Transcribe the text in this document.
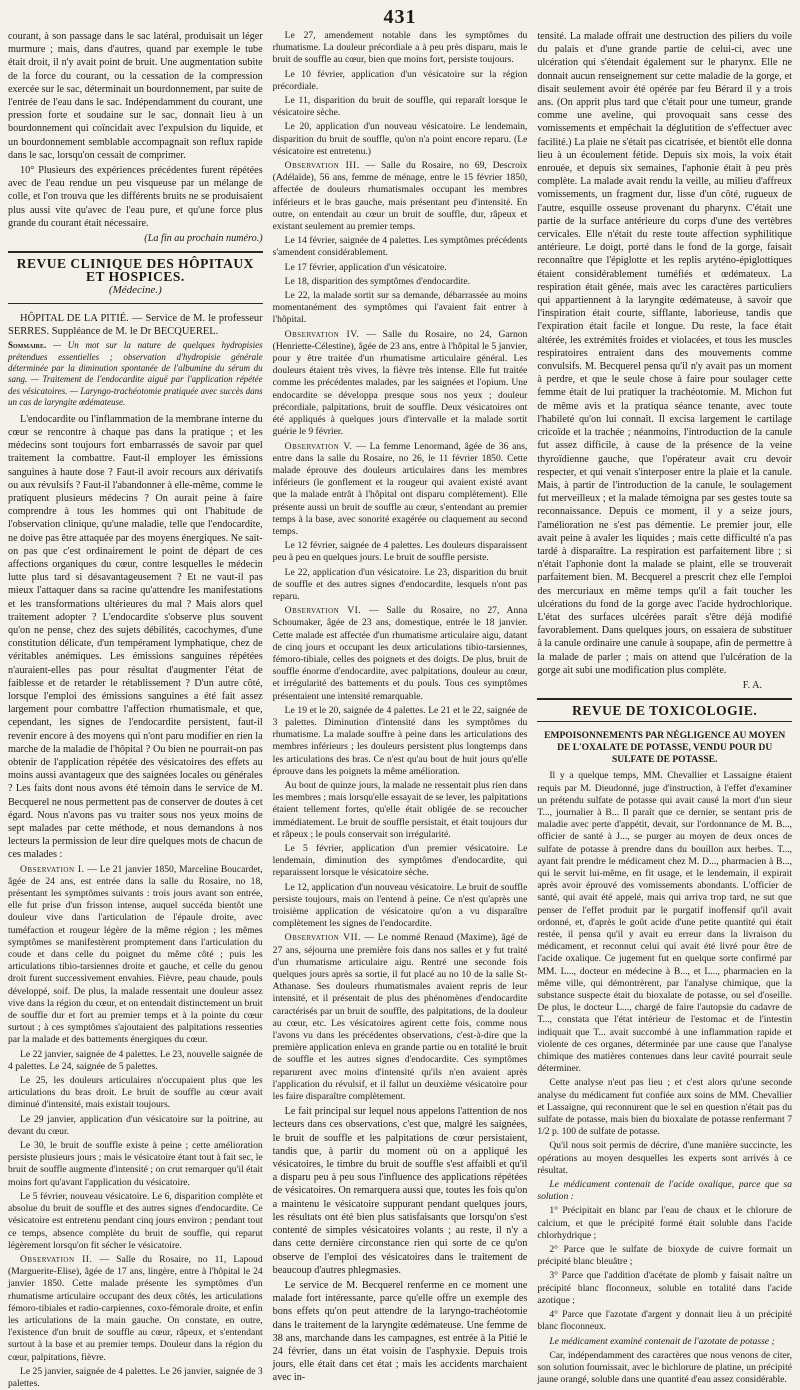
431

courant, à son passage dans le sac latéral, produisait un léger murmure ; mais, dans d'autres, quand par exemple le tube était droit, il n'y avait point de bruit. Une augmentation subite de la force du courant, ou la cessation de la compression exercée sur le sac, déterminait un bourdonnement, par suite de l'entrée de l'eau dans le sac. Indépendamment du courant, une pression forte et soudaine sur le sac, donnait lieu à un bourdonnement qui coïncidait avec l'expulsion du liquide, et un bourdonnement semblable accompagnait son reflux rapide dans le sac, lorsqu'on cessait de comprimer.

10° Plusieurs des expériences précédentes furent répétées avec de l'eau rendue un peu visqueuse par un mélange de colle, et l'on trouva que les différents bruits ne se produisaient plus aussi vite qu'avec de l'eau pure, et qu'une force plus grande du courant était nécessaire.

(La fin au prochain numéro.)
REVUE CLINIQUE DES HÔPITAUX ET HOSPICES.
(Médecine.)
HÔPITAL DE LA PITIÉ. — Service de M. le professeur SERRES. Suppléance de M. le Dr BECQUEREL.
Sommaire. — Un mot sur la nature de quelques hydropisies prétendues essentielles ; observation d'hydropisie générale déterminée par la diminution spontanée de l'albumine du sérum du sang. — Traitement de l'endocardite aiguë par l'application répétée des vésicatoires. — Laryngo-trachéotomie pratiquée avec succès dans un cas de laryngite œdémateuse.

L'endocardite ou l'inflammation de la membrane interne du cœur se rencontre à chaque pas dans la pratique ; et les médecins sont toujours fort embarrassés de savoir par quel traitement la combattre. Faut-il employer les émissions sanguines à haute dose ? Faut-il avoir recours aux dérivatifs ou aux révulsifs ? Faut-il l'abandonner à elle-même, comme le pratiquent plusieurs médecins ? On aurait peine à faire comprendre à tous les hommes qui ont l'habitude de l'observation clinique, qu'une maladie, telle que l'endocardite, ne doive pas être attaquée par des moyens énergiques. Ne sait-on pas que c'est ordinairement le point de départ de ces affections organiques du cœur, contre lesquelles le médecin lutte plus tard si désavantageusement ? Et ne vaut-il pas mieux l'attaquer dans sa racine qu'attendre les manifestations et les transformations ultérieures du mal ? Mais alors quel traitement adopter ? L'endocardite s'observe plus souvent qu'on ne pense, chez des sujets débilités, cacochymes, d'une constitution délicate, d'un tempérament lymphatique, chez de véritables anémiques. Les émissions sanguines répétées n'auraient-elles pas pour résultat d'augmenter l'état de faiblesse et de retarder le rétablissement ? D'un autre côté, lorsque l'emploi des émissions sanguines a été fait assez largement pour combattre l'affection rhumatismale, et que, cependant, les signes de l'endocardite persistent, faut-il revenir encore à des moyens qui n'ont paru modifier en rien la marche de la maladie de l'hôpital ? Ou bien ne pourrait-on pas obtenir de l'application répétée des vésicatoires des effets au moins aussi avantageux que des saignées locales ou générales ? Les faits dont nous avons été témoin dans le service de M. Becquerel ne nous permettent pas de conserver de doutes à cet égard. Nous n'avons pas vu traiter sous nos yeux moins de sept malades par cette méthode, et nous demandons à nos lecteurs la permission de leur dire quelques mots de chacun de ces malades :

Observation I. — Le 21 janvier 1850, Marceline Boucardet, âgée de 24 ans, est entrée dans la salle du Rosaire, no 18, présentant les symptômes suivants : trois jours avant son entrée, elle fut prise d'un frisson intense, auquel succéda bientôt une douleur vive dans l'articulation de l'épaule droite, avec tuméfaction et rougeur légère de la même région ; les mêmes symptômes se manifestèrent promptement dans l'articulation du coude et dans celle du poignet du même côté ; puis les articulations tibio-tarsiennes droite et gauche, et celle du genou droit furent successivement envahies. Fièvre, peau chaude, pouls développé, soif. De plus, la malade ressentait une douleur assez vive dans la région du cœur, et on entendait distinctement un bruit de souffle dur et fort au premier temps et à la pointe du cœur surtout ; à ces symptômes s'ajoutaient des palpitations ressenties par la malade et des battements énergiques du cœur.

Le 22 janvier, saignée de 4 palettes. Le 23, nouvelle saignée de 4 palettes. Le 24, saignée de 5 palettes.

Le 25, les douleurs articulaires n'occupaient plus que les articulations du bras droit. Le bruit de souffle au cœur avait diminué d'intensité, mais existait toujours.

Le 29 janvier, application d'un vésicatoire sur la poitrine, au devant du cœur.

Le 30, le bruit de souffle existe à peine ; cette amélioration persiste plusieurs jours ; mais le vésicatoire étant tout à fait sec, le bruit de souffle augmente d'intensité ; on crut remarquer qu'il était moins fort qu'avant l'application du vésicatoire.

Le 5 février, nouveau vésicatoire. Le 6, disparition complète et absolue du bruit de souffle et des autres signes d'endocardite. Ce vésicatoire est entretenu pendant cinq jours environ ; pendant tout ce temps, absence complète du bruit de souffle, qui reparut légèrement lorsqu'on fit sécher le vésicatoire.

Observation II. — Salle du Rosaire, no 11, Lapoud (Marguerite-Elise), âgée de 17 ans, lingère, entre à l'hôpital le 24 janvier 1850. Cette malade présente les symptômes d'un rhumatisme articulaire occupant des deux côtés, les articulations fémoro-tibiales et radio-carpiennes, coxo-fémorale droite, et enfin les articulations de la main gauche. On constate, en outre, l'existence d'un bruit de souffle au cœur, râpeux, et s'entendant surtout à la base et au premier temps. Douleur dans la région du cœur, palpitations, fièvre.

Le 25 janvier, saignée de 4 palettes. Le 26 janvier, saignée de 3 palettes.

Le 27, amendement notable dans les symptômes du rhumatisme. La douleur précordiale a à peu près disparu, mais le bruit de souffle au cœur, bien que moins fort, persiste toujours.

Le 10 février, application d'un vésicatoire sur la région précordiale.

Le 11, disparition du bruit de souffle, qui reparaît lorsque le vésicatoire sèche.

Le 20, application d'un nouveau vésicatoire. Le lendemain, disparition du bruit de souffle, qu'on n'a point encore reparu. (Le vésicatoire est entretenu.)

Observation III. — Salle du Rosaire, no 69, Descroix (Adélaïde), 56 ans, femme de ménage, entre le 15 février 1850, affectée de douleurs rhumatismales occupant les membres inférieurs et le bras gauche, mais présentant peu d'intensité. En outre, on entendait au cœur un bruit de souffle, dur, râpeux et existant seulement au premier temps.

Le 14 février, saignée de 4 palettes. Les symptômes précédents s'amendent considérablement.

Le 17 février, application d'un vésicatoire.

Le 18, disparition des symptômes d'endocardite.

Le 22, la malade sortit sur sa demande, débarrassée au moins momentanément des symptômes qui l'avaient fait entrer à l'hôpital.

Observation IV. — Salle du Rosaire, no 24, Garnon (Henriette-Célestine), âgée de 23 ans, entre à l'hôpital le 5 janvier, pour y être traitée d'un rhumatisme articulaire général. Les douleurs étaient très vives, la fièvre très intense. Elle fut traitée comme les précédentes malades, par les saignées et l'opium. Une endocardite se développa presque sous nos yeux ; douleur précordiale, palpitations, bruit de souffle. Deux vésicatoires ont été appliqués à quelques jours d'intervalle et la malade sortit guérie le 9 février.

Observation V. — La femme Lenormand, âgée de 36 ans, entre dans la salle du Rosaire, no 26, le 11 février 1850. Cette malade éprouve des douleurs articulaires dans les membres inférieurs (le gonflement et la rougeur qui avaient existé avant que la malade entrât à l'hôpital ont disparu complètement). Elle présente aussi un bruit de souffle au cœur, s'entendant au premier temps à la base, avec sonorité exagérée ou claquement au second temps.

Le 12 février, saignée de 4 palettes. Les douleurs disparaissent peu à peu en quelques jours. Le bruit de souffle persiste.

Le 22, application d'un vésicatoire. Le 23, disparition du bruit de souffle et des autres signes d'endocardite, lesquels n'ont pas reparu.

Observation VI. — Salle du Rosaire, no 27, Anna Schoumaker, âgée de 23 ans, domestique, entrée le 18 janvier. Cette malade est affectée d'un rhumatisme articulaire aigu, datant de cinq jours et occupant les deux articulations tibio-tarsiennes, fémoro-tibiale, celles des poignets et des doigts. De plus, bruit de souffle énorme d'endocardite, avec palpitations, douleur au cœur, et irrégularité des battements et du pouls. Tous ces symptômes présentaient une intensité remarquable.

Le 19 et le 20, saignée de 4 palettes. Le 21 et le 22, saignée de 3 palettes. Diminution d'intensité dans les symptômes du rhumatisme. La malade souffre à peine dans les articulations des membres inférieurs ; les douleurs persistent plus longtemps dans les articulations des bras. Ce n'est qu'au bout de huit jours qu'elle éprouve dans les poignets la même amélioration.

Au bout de quinze jours, la malade ne ressentait plus rien dans les membres ; mais lorsqu'elle essayait de se lever, les palpitations étaient tellement fortes, qu'elle était obligée de se recoucher immédiatement. Le bruit de souffle persistait, et était toujours dur et râpeux ; le pouls conservait son irrégularité.

Le 5 février, application d'un premier vésicatoire. Le lendemain, diminution des symptômes d'endocardite, qui reparaissent lorsque le vésicatoire sèche.

Le 12, application d'un nouveau vésicatoire. Le bruit de souffle persiste toujours, mais on l'entend à peine. Ce n'est qu'après une troisième application de vésicatoire qu'on a vu disparaître complètement les signes de l'endocardite.

Observation VII. — Le nommé Renaud (Maxime), âgé de 27 ans, séjourna une première fois dans nos salles et y fut traité d'un rhumatisme articulaire aigu. Rentré une seconde fois quelques jours après sa sortie, il fut placé au no 10 de la salle St-Athanase. Ses douleurs rhumatismales avaient repris de leur intensité, et il présentait de plus des phénomènes d'endocardite caractérisés par un bruit de souffle, des palpitations, de la douleur au cœur, etc. Les vésicatoires agirent cette fois, comme nous l'avons vu dans les précédentes observations, c'est-à-dire que la première application enleva en grande partie ou en totalité le bruit de souffle et les autres signes d'endocardite. Ces symptômes reparurent avec moins d'intensité qu'ils n'en avaient après l'application du révulsif, et il fallut un deuxième vésicatoire pour les faire disparaître complètement.

Le fait principal sur lequel nous appelons l'attention de nos lecteurs dans ces observations, c'est que, malgré les saignées, le bruit de souffle et les palpitations de cœur persistaient, tandis que, à partir du moment où on a appliqué les vésicatoires, le timbre du bruit de souffle s'est affaibli et qu'il a disparu peu à peu sous l'influence des applications répétées de vésicatoires. On remarquera aussi que, toutes les fois qu'on a maintenu le vésicatoire suppurant pendant quelques jours, les résultats ont été bien plus satisfaisants que lorsqu'on s'est contenté de simples vésicatoires volants ; au reste, il n'y a dans cette dernière circonstance rien qui sorte de ce qu'on observe de l'emploi des vésicatoires dans le traitement de beaucoup d'autres phlegmasies.

Le service de M. Becquerel renferme en ce moment une malade fort intéressante, parce qu'elle offre un exemple des bons effets qu'on peut attendre de la laryngo-trachéotomie dans le traitement de la laryngite œdémateuse. Une femme de 38 ans, marchande dans les campagnes, est entrée à la Pitié le 24 février, dans un état voisin de l'asphyxie. Depuis trois jours, elle était dans cet état ; mais les accidents marchaient avec in-

tensité. La malade offrait une destruction des piliers du voile du palais et d'une grande partie de celui-ci, avec une ulcération qui s'étendait également sur le pharynx. Elle ne donnait aucun renseignement sur cette maladie de la gorge, et disait seulement avoir été opérée par feu Bérard il y a trois ans. (On apprit plus tard que c'était pour une tumeur, grande comme une aveline, qui provoquait sans cesse des vomissements et empêchait la déglutition de s'effectuer avec facilité.) La plaie ne s'était pas cicatrisée, et bientôt elle donna lieu à un écoulement fétide. Depuis six mois, la voix était enrouée, et depuis six semaines, l'aphonie était à peu près complète. La malade avait rendu la veille, au milieu d'affreux vomissements, un fragment dur, lisse d'un côté, rugueux de l'autre, esquille osseuse provenant du pharynx. C'était une partie de la surface antérieure du corps d'une des vertèbres cervicales. Elle n'était du reste toute affection syphilitique antérieure. Le doigt, porté dans le fond de la gorge, faisait reconnaître que l'épiglotte et les replis aryténo-épiglottiques étaient considérablement tuméfiés et œdémateux. La respiration était gênée, mais avec les caractères particuliers qui appartiennent à la laryngite œdémateuse, à savoir que l'inspiration était courte, sifflante, laborieuse, tandis que l'expiration était facile et longue. Du reste, la face était altérée, les extrémités froides et violacées, et tous les muscles respiratoires entraient dans des mouvements comme convulsifs. M. Becquerel pensa qu'il n'y avait pas un moment à perdre, et que le seule chose à faire pour soulager cette femme était de lui pratiquer la trachéotomie. M. Michon fut de même avis et la pratiqua séance tenante, avec toute l'habileté qu'on lui connaît. Il excisa largement le cartilage cricoïde et la trachée ; néanmoins, l'introduction de la canule fut assez difficile, à cause de la présence de la veine thyroïdienne gauche, que l'opérateur avait cru devoir respecter, et qui venait s'interposer entre la plaie et la canule. Mais, à partir de l'introduction de la canule, le soulagement fut merveilleux ; et la malade témoigna par ses gestes toute sa reconnaissance. Depuis ce moment, il y a seize jours, l'amélioration ne s'est pas démentie. Le premier jour, elle avait peine à avaler les liquides ; mais cette difficulté n'a pas tardé à disparaître. La respiration est parfaitement libre ; si n'était l'aphonie dont la malade se plaint, elle se trouverait parfaitement bien. M. Becquerel a prescrit chez elle l'emploi des mercuriaux en même temps qu'il a fait toucher les ulcérations du fond de la gorge avec l'acide hydrochlorique. L'état des surfaces ulcérées paraît s'être déjà modifié favorablement. Dans quelques jours, on essaiera de substituer à la canule ordinaire une canule à soupape, afin de permettre à la malade de parler ; mais on attend que l'ulcération de la gorge ait subi une modification plus complète.

F. A.
REVUE DE TOXICOLOGIE.
EMPOISONNEMENTS PAR NÉGLIGENCE AU MOYEN DE L'OXALATE DE POTASSE, VENDU POUR DU SULFATE DE POTASSE.

Il y a quelque temps, MM. Chevallier et Lassaigne étaient requis par M. Dieudonné, juge d'instruction, à l'effet d'examiner un prétendu sulfate de potasse qui avait causé la mort d'un sieur T..., journalier à B... Il paraît que ce dernier, se sentant pris de maladie avec perte d'appétit, devait, sur l'ordonnance de M. B..., officier de santé à J..., se purger au moyen de deux onces de sulfate de potasse à prendre dans du bouillon aux herbes. T..., ayant fait prendre le médicament chez M. D..., pharmacien à B..., qui le servit lui-même, en fit usage, et le lendemain, il expirait après avoir éprouvé des vomissements abondants. L'officier de santé, qui avait été appelé, mais qui arriva trop tard, ne sut que penser de l'effet produit par le purgatif inoffensif qu'il avait ordonné, et, d'après le goût acide d'une petite quantité qui était restée, il pensa qu'il y avait eu erreur dans la livraison du médicament, et reconnut celui qui avait été livré pour être de l'acide oxalique. Ce jugement fut en quelque sorte confirmé par MM. L..., docteur en médecine à B..., et L..., pharmacien en la même ville, qui démontrèrent, par l'analyse chimique, que la substance suspecte était du bioxalate de potasse, ou sel d'oseille. De plus, le docteur L..., chargé de faire l'autopsie du cadavre de T..., constata que l'état intérieur de l'estomac et de l'intestin indiquait que T... avait succombé à une inflammation rapide et violente de ces organes, déterminée par une cause que l'analyse chimique des matières contenues dans leur cavité pourrait seule déterminer.

Cette analyse n'eut pas lieu ; et c'est alors qu'une seconde analyse du médicament fut confiée aux soins de MM. Chevallier et Lassaigne, qui reconnurent que le sel en question n'était pas du sulfate de potasse, mais bien du bioxalate de potasse renfermant 7 1/2 p. 100 de sulfate de potasse.

Qu'il nous soit permis de décrire, d'une manière succincte, les opérations au moyen desquelles les experts sont arrivés à ce résultat.

Le médicament contenait de l'acide oxalique, parce que sa solution :

1° Précipitait en blanc par l'eau de chaux et le chlorure de calcium, et que le précipité formé était soluble dans l'acide chlorhydrique ;

2° Parce que le sulfate de bioxyde de cuivre formait un précipité blanc bleuâtre ;

3° Parce que l'addition d'acétate de plomb y faisait naître un précipité blanc floconneux, soluble en totalité dans l'acide azotique ;

4° Parce que l'azotate d'argent y donnait lieu à un précipité blanc floconneux.

Le médicament examiné contenait de l'azotate de potasse ;

Car, indépendamment des caractères que nous venons de citer, son solution fournissait, avec le bichlorure de platine, un précipité jaune orangé, soluble dans une quantité d'eau assez considérable.
